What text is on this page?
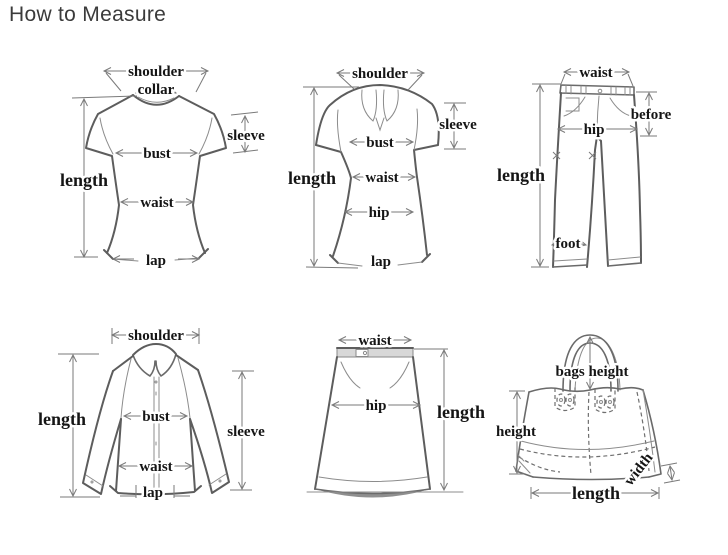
How to Measure
shoulder
collar
sleeve
bust
length
waist
lap
shoulder
sleeve
bust
length waist
hip
lap
waist
before
hip
length
foot
shoulder
length	bust
sleeve
waist
lap
waist
hip	length
bags height
height
width
length
